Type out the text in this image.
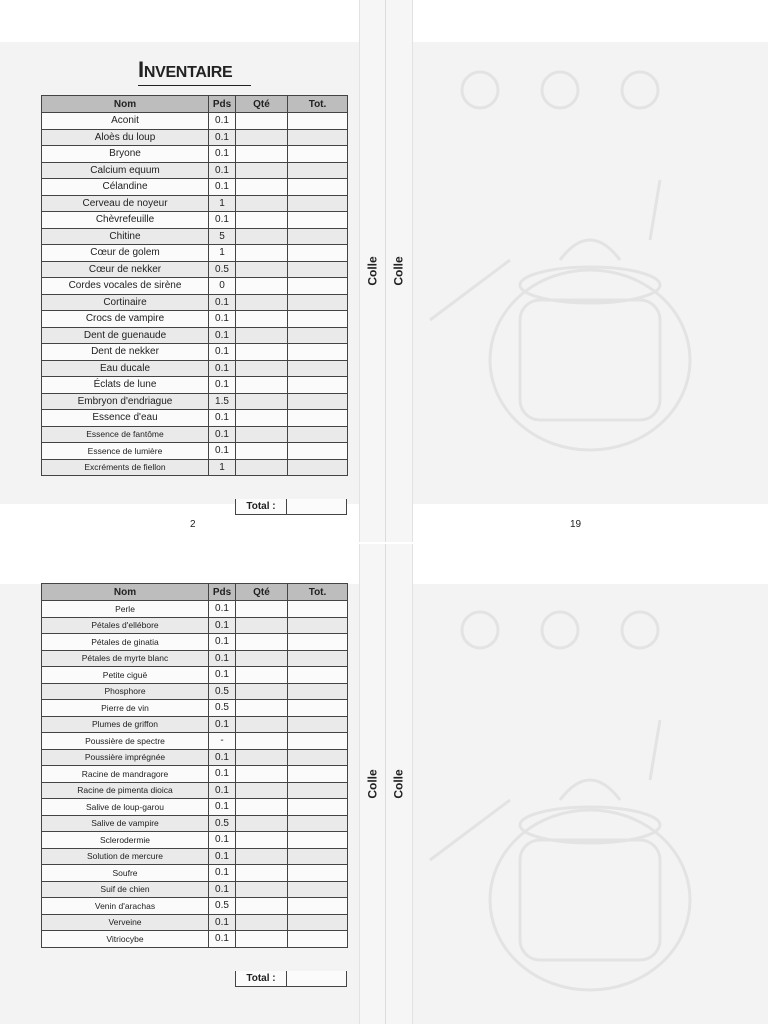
Colle Colle
Colle Colle
INVENTAIRE
Nom	Pds	Qté	Tot.
Aconit	0.1		
Aloès du loup	0.1		
Bryone	0.1		
Calcium equum	0.1		
Célandine	0.1		
Cerveau de noyeur	1		
Chèvrefeuille	0.1		
Chitine	5		
Cœur de golem	1		
Cœur de nekker	0.5		
Cordes vocales de sirène	0		
Cortinaire	0.1		
Crocs de vampire	0.1		
Dent de guenaude	0.1		
Dent de nekker	0.1		
Eau ducale	0.1		
Éclats de lune	0.1		
Embryon d'endriague	1.5		
Essence d'eau	0.1		
Essence de fantôme	0.1		
Essence de lumière	0.1		
Excréments de fiellon	1		
Total :
2	19
Nom	Pds	Qté	Tot.
Perle	0.1		
Pétales d'ellébore	0.1		
Pétales de ginatia	0.1		
Pétales de myrte blanc	0.1		
Petite ciguë	0.1		
Phosphore	0.5		
Pierre de vin	0.5		
Plumes de griffon	0.1		
Poussière de spectre	-		
Poussière imprégnée	0.1		
Racine de mandragore	0.1		
Racine de pimenta dioica	0.1		
Salive de loup-garou	0.1		
Salive de vampire	0.5		
Sclerodermie	0.1		
Solution de mercure	0.1		
Soufre	0.1		
Suif de chien	0.1		
Venin d'arachas	0.5		
Verveine	0.1		
Vitriocybe	0.1		
Total :
